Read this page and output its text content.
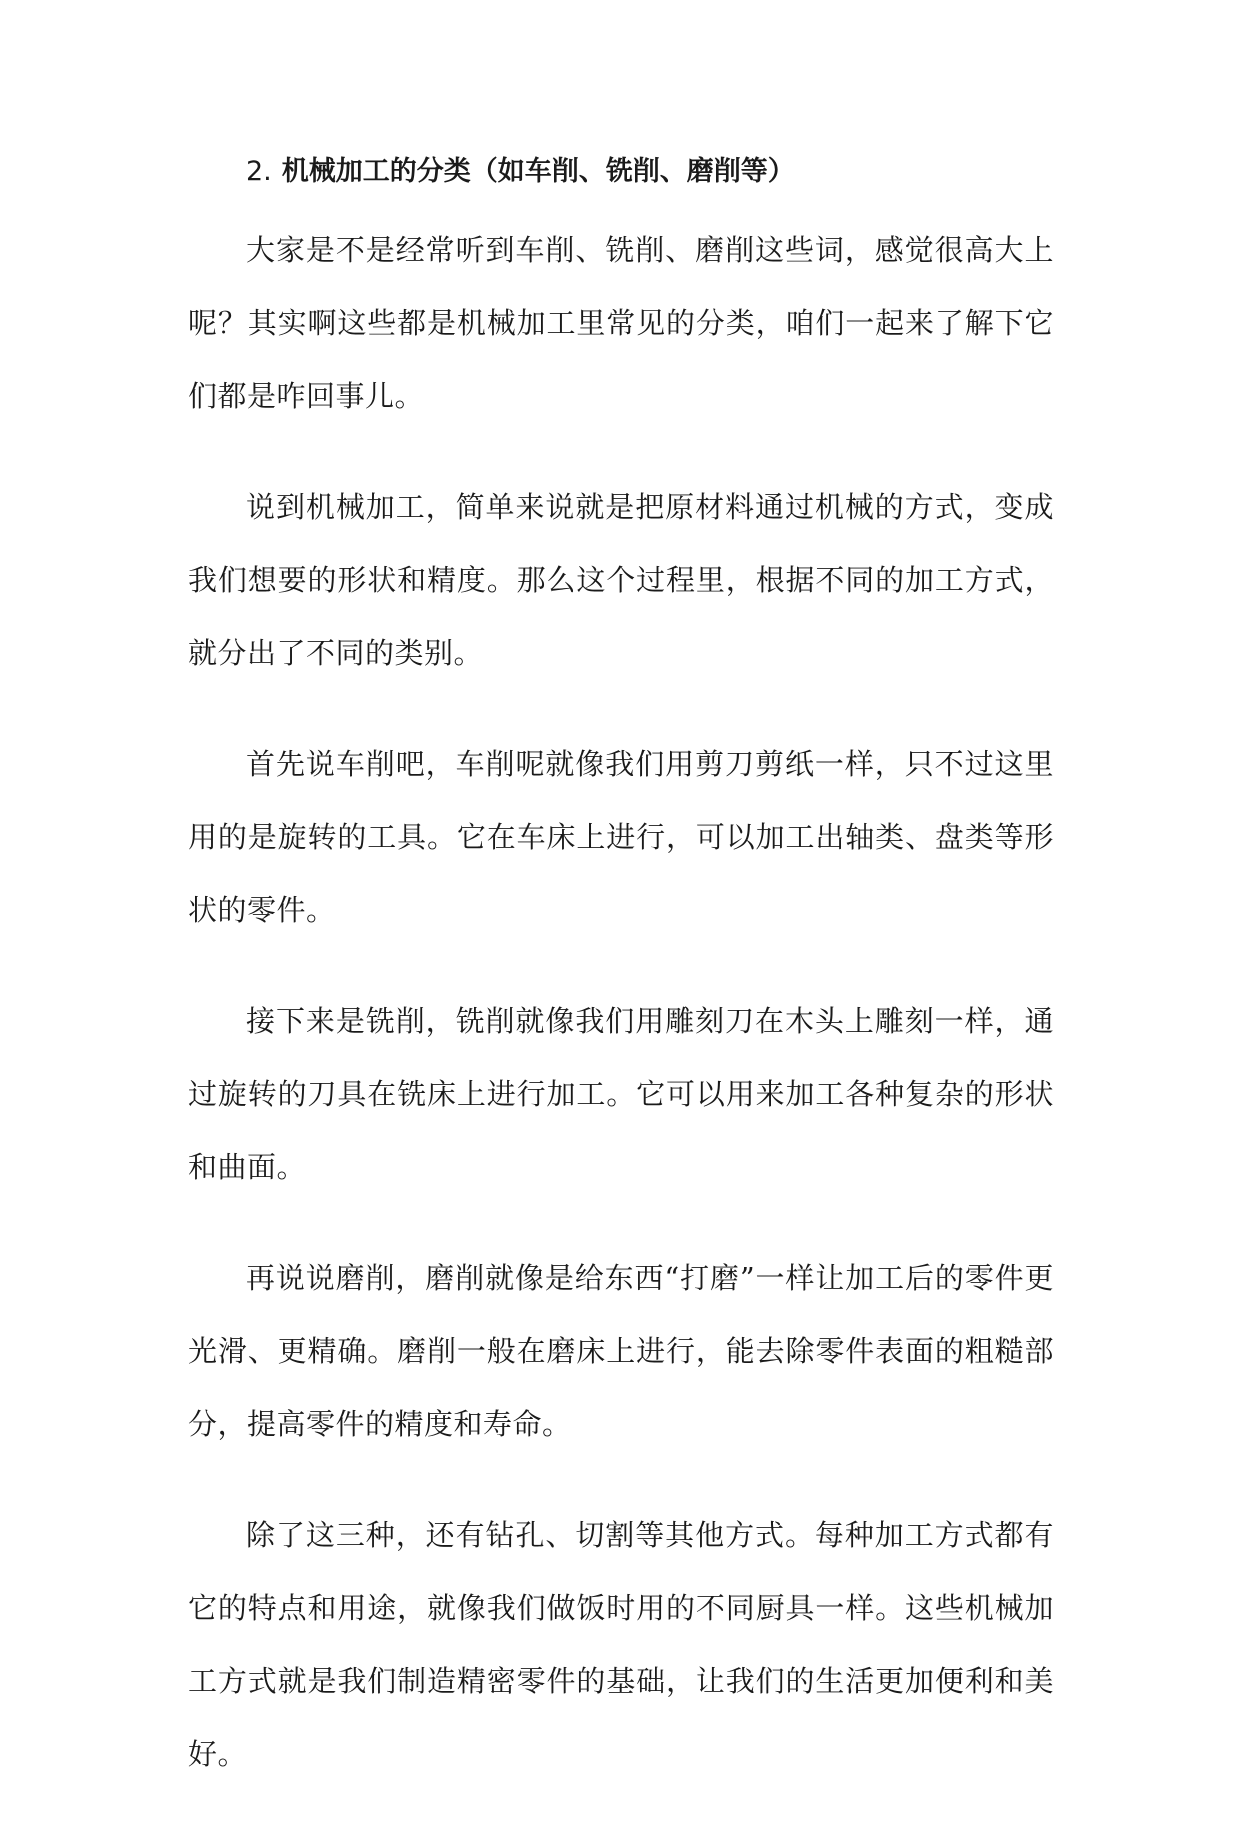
2. 机械加工的分类（如车削、铣削、磨削等）

大家是不是经常听到车削、铣削、磨削这些词，感觉很高大上呢？其实啊这些都是机械加工里常见的分类，咱们一起来了解下它们都是咋回事儿。

说到机械加工，简单来说就是把原材料通过机械的方式，变成我们想要的形状和精度。那么这个过程里，根据不同的加工方式，就分出了不同的类别。

首先说车削吧，车削呢就像我们用剪刀剪纸一样，只不过这里用的是旋转的工具。它在车床上进行，可以加工出轴类、盘类等形状的零件。

接下来是铣削，铣削就像我们用雕刻刀在木头上雕刻一样，通过旋转的刀具在铣床上进行加工。它可以用来加工各种复杂的形状和曲面。

再说说磨削，磨削就像是给东西“打磨”一样让加工后的零件更光滑、更精确。磨削一般在磨床上进行，能去除零件表面的粗糙部分，提高零件的精度和寿命。

除了这三种，还有钻孔、切割等其他方式。每种加工方式都有它的特点和用途，就像我们做饭时用的不同厨具一样。这些机械加工方式就是我们制造精密零件的基础，让我们的生活更加便利和美好。
